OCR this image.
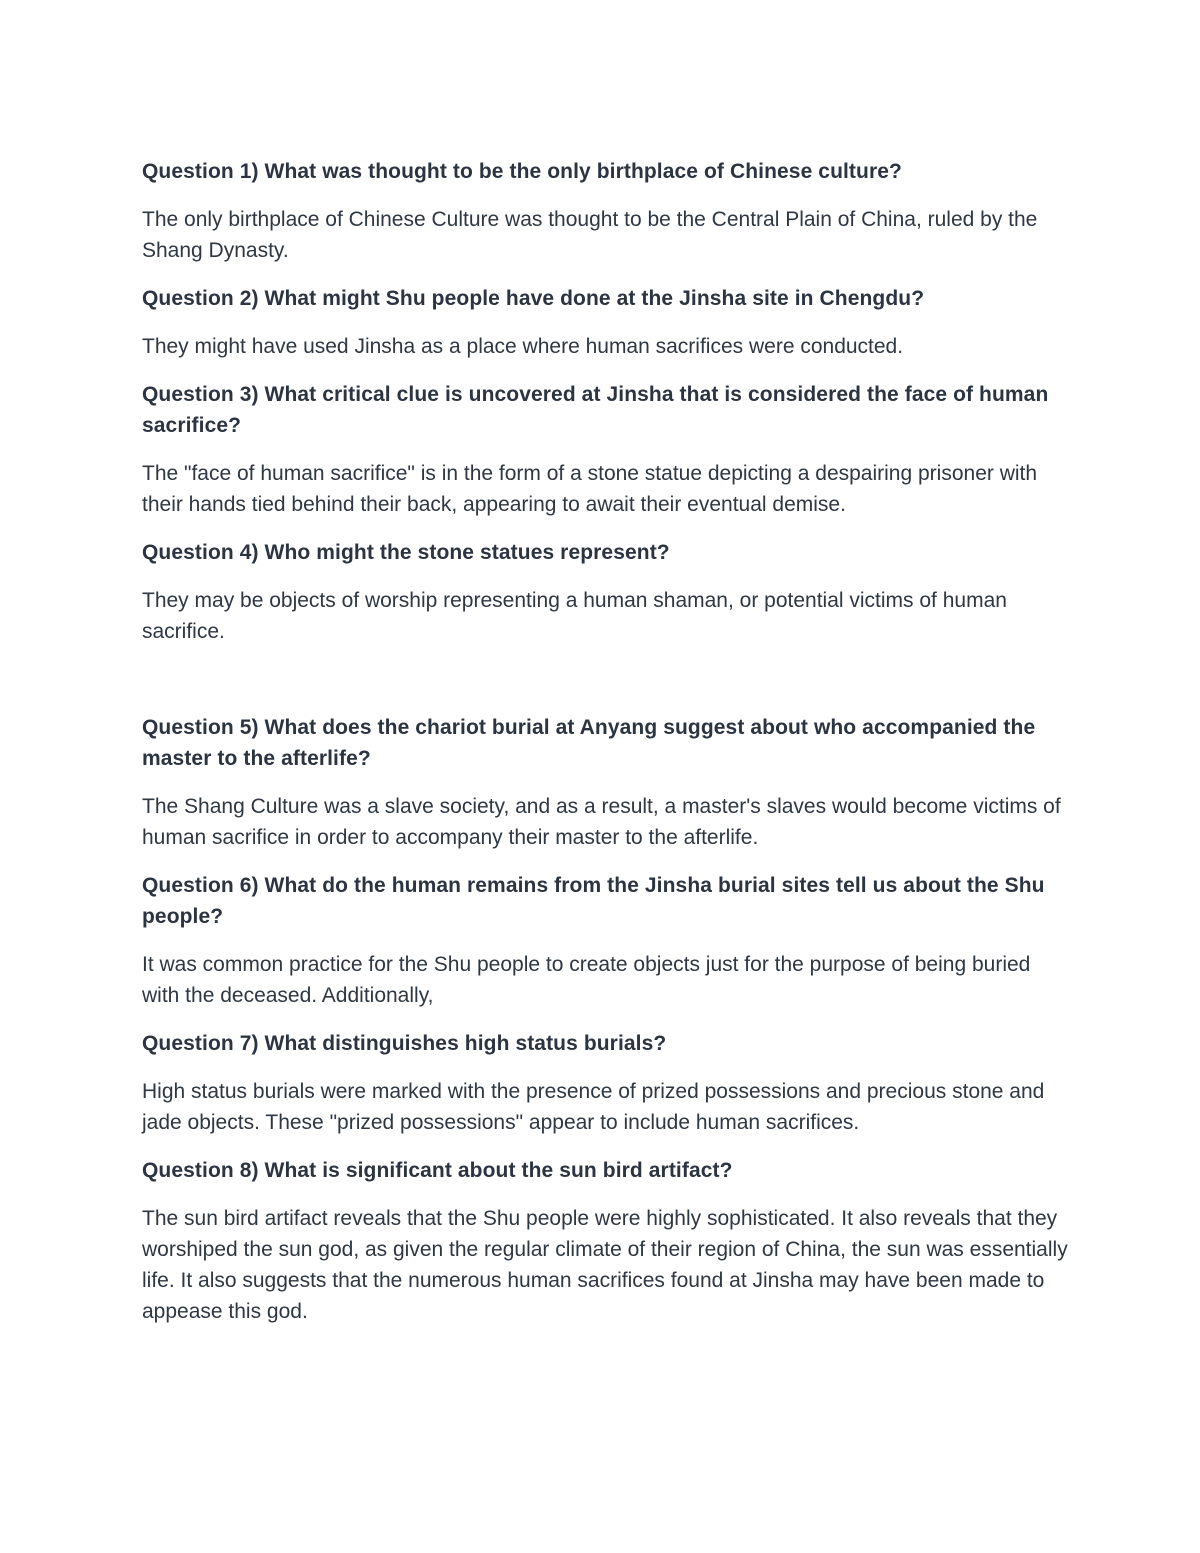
Question 1) What was thought to be the only birthplace of Chinese culture?

The only birthplace of Chinese Culture was thought to be the Central Plain of China, ruled by the Shang Dynasty.

Question 2) What might Shu people have done at the Jinsha site in Chengdu?

They might have used Jinsha as a place where human sacrifices were conducted.

Question 3) What critical clue is uncovered at Jinsha that is considered the face of human sacrifice?

The "face of human sacrifice" is in the form of a stone statue depicting a despairing prisoner with their hands tied behind their back, appearing to await their eventual demise.

Question 4) Who might the stone statues represent?

They may be objects of worship representing a human shaman, or potential victims of human sacrifice.

Question 5) What does the chariot burial at Anyang suggest about who accompanied the master to the afterlife?

The Shang Culture was a slave society, and as a result, a master's slaves would become victims of human sacrifice in order to accompany their master to the afterlife.

Question 6) What do the human remains from the Jinsha burial sites tell us about the Shu people?

It was common practice for the Shu people to create objects just for the purpose of being buried with the deceased. Additionally,

Question 7) What distinguishes high status burials?

High status burials were marked with the presence of prized possessions and precious stone and jade objects. These "prized possessions" appear to include human sacrifices.

Question 8) What is significant about the sun bird artifact?

The sun bird artifact reveals that the Shu people were highly sophisticated. It also reveals that they worshiped the sun god, as given the regular climate of their region of China, the sun was essentially life. It also suggests that the numerous human sacrifices found at Jinsha may have been made to appease this god.
